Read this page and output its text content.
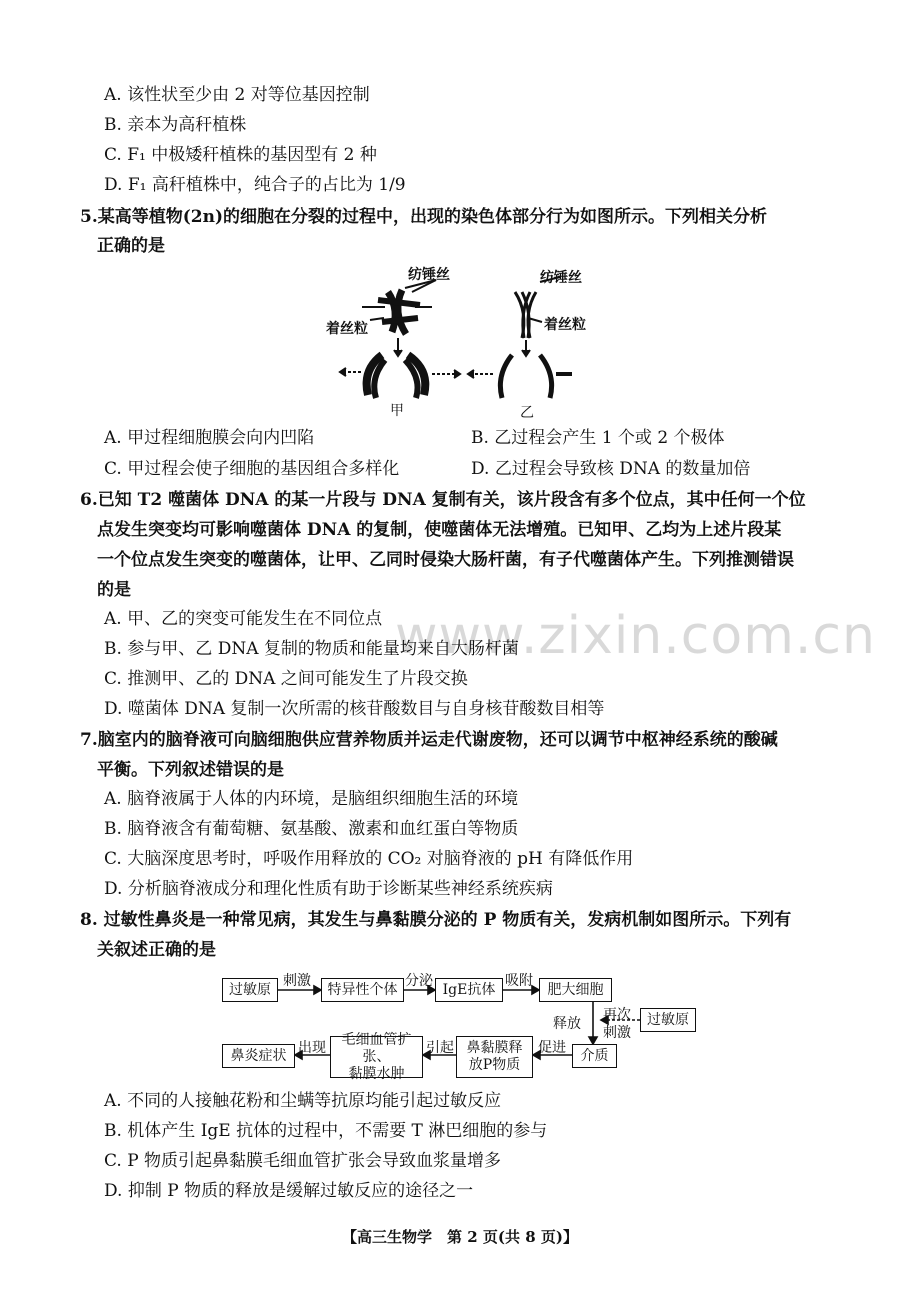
www.zixin.com.cn
A. 该性状至少由 2 对等位基因控制
B. 亲本为高秆植株
C. F₁ 中极矮秆植株的基因型有 2 种
D. F₁ 高秆植株中，纯合子的占比为 1/9
5.某高等植物(2n)的细胞在分裂的过程中，出现的染色体部分行为如图所示。下列相关分析
正确的是
纺锤丝
着丝粒
纺锤丝
着丝粒
甲	乙
A. 甲过程细胞膜会向内凹陷	B. 乙过程会产生 1 个或 2 个极体
C. 甲过程会使子细胞的基因组合多样化	D. 乙过程会导致核 DNA 的数量加倍
6.已知 T2 噬菌体 DNA 的某一片段与 DNA 复制有关，该片段含有多个位点，其中任何一个位
点发生突变均可影响噬菌体 DNA 的复制，使噬菌体无法增殖。已知甲、乙均为上述片段某
一个位点发生突变的噬菌体，让甲、乙同时侵染大肠杆菌，有子代噬菌体产生。下列推测错误
的是
A. 甲、乙的突变可能发生在不同位点
B. 参与甲、乙 DNA 复制的物质和能量均来自大肠杆菌
C. 推测甲、乙的 DNA 之间可能发生了片段交换
D. 噬菌体 DNA 复制一次所需的核苷酸数目与自身核苷酸数目相等
7.脑室内的脑脊液可向脑细胞供应营养物质并运走代谢废物，还可以调节中枢神经系统的酸碱
平衡。下列叙述错误的是
A. 脑脊液属于人体的内环境，是脑组织细胞生活的环境
B. 脑脊液含有葡萄糖、氨基酸、激素和血红蛋白等物质
C. 大脑深度思考时，呼吸作用释放的 CO₂ 对脑脊液的 pH 有降低作用
D. 分析脑脊液成分和理化性质有助于诊断某些神经系统疾病
8. 过敏性鼻炎是一种常见病，其发生与鼻黏膜分泌的 P 物质有关，发病机制如图所示。下列有
关叙述正确的是
过敏原
刺激
特异性个体
分泌
IgE抗体
吸附
肥大细胞
再次
刺激
过敏原
释放
介质
促进
鼻黏膜释
放P物质
引起
毛细血管扩张、
黏膜水肿
出现
鼻炎症状
A. 不同的人接触花粉和尘螨等抗原均能引起过敏反应
B. 机体产生 IgE 抗体的过程中，不需要 T 淋巴细胞的参与
C. P 物质引起鼻黏膜毛细血管扩张会导致血浆量增多
D. 抑制 P 物质的释放是缓解过敏反应的途径之一
【高三生物学　第 2 页(共 8 页)】
